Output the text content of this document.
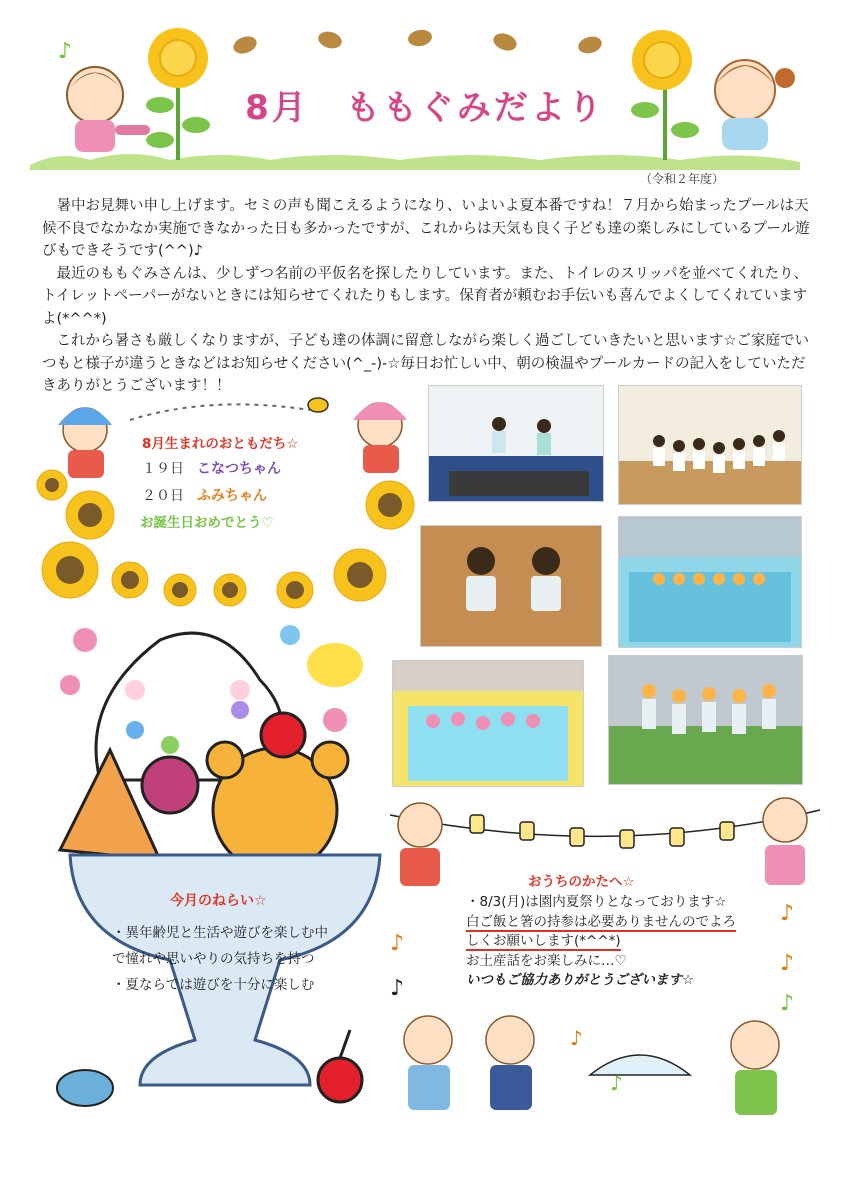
♪
8月　ももぐみだより
（令和２年度）

暑中お見舞い申し上げます。セミの声も聞こえるようになり、いよいよ夏本番ですね！７月から始まったプールは天候不良でなかなか実施できなかった日も多かったですが、これからは天気も良く子ども達の楽しみにしているプール遊びもできそうです(^^)♪

最近のももぐみさんは、少しずつ名前の平仮名を探したりしています。また、トイレのスリッパを並べてくれたり、トイレットペーパーがないときには知らせてくれたりもします。保育者が頼むお手伝いも喜んでよくしてくれていますよ(*^^*)

これから暑さも厳しくなりますが、子ども達の体調に留意しながら楽しく過ごしていきたいと思います☆ご家庭でいつもと様子が違うときなどはお知らせください(^_-)-☆毎日お忙しい中、朝の検温やプールカードの記入をしていただきありがとうございます！！

8月生まれのおともだち☆
１９日 こなつちゃん
２０日 ふみちゃん
お誕生日おめでとう♡
今月のねらい☆
・異年齢児と生活や遊びを楽しむ中
で憧れや思いやりの気持ちを持つ
・夏ならでは遊びを十分に楽しむ
♪
♪
♪
♪
♪
♪
♪
おうちのかたへ☆
・8/3(月)は園内夏祭りとなっております☆白ご飯と箸の持参は必要ありませんのでよろしくお願いします(*^^*)
お土産話をお楽しみに…♡
いつもご協力ありがとうございます☆
